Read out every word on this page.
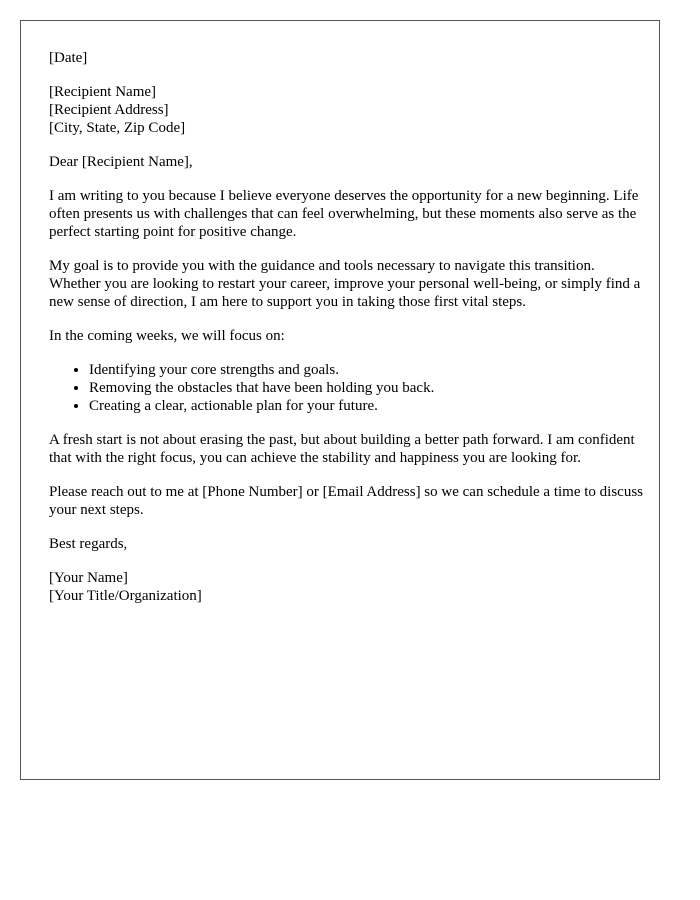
[Date]
[Recipient Name]
[Recipient Address]
[City, State, Zip Code]

Dear [Recipient Name],

I am writing to you because I believe everyone deserves the opportunity for a new beginning. Life often presents us with challenges that can feel overwhelming, but these moments also serve as the perfect starting point for positive change.

My goal is to provide you with the guidance and tools necessary to navigate this transition. Whether you are looking to restart your career, improve your personal well-being, or simply find a new sense of direction, I am here to support you in taking those first vital steps.

In the coming weeks, we will focus on:

• Identifying your core strengths and goals.
• Removing the obstacles that have been holding you back.
• Creating a clear, actionable plan for your future.

A fresh start is not about erasing the past, but about building a better path forward. I am confident that with the right focus, you can achieve the stability and happiness you are looking for.

Please reach out to me at [Phone Number] or [Email Address] so we can schedule a time to discuss your next steps.

Best regards,

[Your Name]
[Your Title/Organization]
